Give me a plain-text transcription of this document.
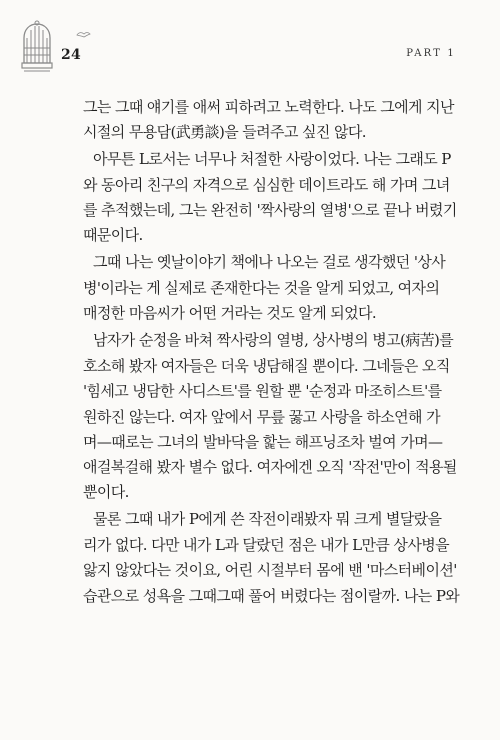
24	PART 1
그는 그때 얘기를 애써 피하려고 노력한다. 나도 그에게 지난
시절의 무용담(武勇談)을 들려주고 싶진 않다.
아무튼 L로서는 너무나 처절한 사랑이었다. 나는 그래도 P
와 동아리 친구의 자격으로 심심한 데이트라도 해 가며 그녀
를 추적했는데, 그는 완전히 '짝사랑의 열병'으로 끝나 버렸기
때문이다.
그때 나는 옛날이야기 책에나 나오는 걸로 생각했던 '상사
병'이라는 게 실제로 존재한다는 것을 알게 되었고, 여자의
매정한 마음씨가 어떤 거라는 것도 알게 되었다.
남자가 순정을 바쳐 짝사랑의 열병, 상사병의 병고(病苦)를
호소해 봤자 여자들은 더욱 냉담해질 뿐이다. 그네들은 오직
'힘세고 냉담한 사디스트'를 원할 뿐 '순정과 마조히스트'를
원하진 않는다. 여자 앞에서 무릎 꿇고 사랑을 하소연해 가
며—때로는 그녀의 발바닥을 핥는 해프닝조차 벌여 가며—
애걸복걸해 봤자 별수 없다. 여자에겐 오직 '작전'만이 적용될
뿐이다.
물론 그때 내가 P에게 쓴 작전이래봤자 뭐 크게 별달랐을
리가 없다. 다만 내가 L과 달랐던 점은 내가 L만큼 상사병을
앓지 않았다는 것이요, 어린 시절부터 몸에 밴 '마스터베이션'
습관으로 성욕을 그때그때 풀어 버렸다는 점이랄까. 나는 P와
